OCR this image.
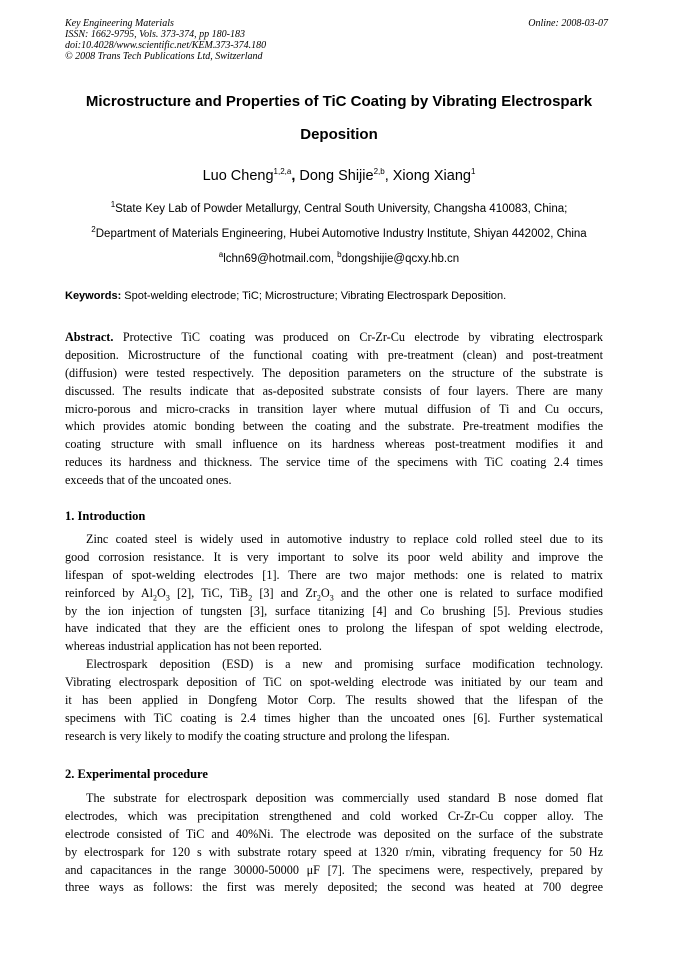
Key Engineering Materials
ISSN: 1662-9795, Vols. 373-374, pp 180-183
doi:10.4028/www.scientific.net/KEM.373-374.180
© 2008 Trans Tech Publications Ltd, Switzerland
Online: 2008-03-07
Microstructure and Properties of TiC Coating by Vibrating Electrospark
Deposition
Luo Cheng$^{1,2,a}$, Dong Shijie$^{2,b}$, Xiong Xiang$^1$
$^1$State Key Lab of Powder Metallurgy, Central South University, Changsha 410083, China;
$^2$Department of Materials Engineering, Hubei Automotive Industry Institute, Shiyan 442002, China
$^a$lchn69@hotmail.com, $^b$dongshijie@qcxy.hb.cn
Keywords: Spot-welding electrode; TiC; Microstructure; Vibrating Electrospark Deposition.
Abstract. Protective TiC coating was produced on Cr-Zr-Cu electrode by vibrating electrospark
deposition. Microstructure of the functional coating with pre-treatment (clean) and post-treatment
(diffusion) were tested respectively. The deposition parameters on the structure of the substrate is
discussed. The results indicate that as-deposited substrate consists of four layers. There are many
micro-porous and micro-cracks in transition layer where mutual diffusion of Ti and Cu occurs,
which provides atomic bonding between the coating and the substrate. Pre-treatment modifies the
coating structure with small influence on its hardness whereas post-treatment modifies it and
reduces its hardness and thickness. The service time of the specimens with TiC coating 2.4 times
exceeds that of the uncoated ones.
1. Introduction
Zinc coated steel is widely used in automotive industry to replace cold rolled steel due to its
good corrosion resistance. It is very important to solve its poor weld ability and improve the
lifespan of spot-welding electrodes [1]. There are two major methods: one is related to matrix
reinforced by $Al_2O_3$ [2], TiC, TiB$_2$ [3] and $Zr_2O_3$ and the other one is related to surface modified
by the ion injection of tungsten [3], surface titanizing [4] and Co brushing [5]. Previous studies
have indicated that they are the efficient ones to prolong the lifespan of spot welding electrode,
whereas industrial application has not been reported.
Electrospark deposition (ESD) is a new and promising surface modification technology.
Vibrating electrospark deposition of TiC on spot-welding electrode was initiated by our team and
it has been applied in Dongfeng Motor Corp. The results showed that the lifespan of the
specimens with TiC coating is 2.4 times higher than the uncoated ones [6]. Further systematical
research is very likely to modify the coating structure and prolong the lifespan.
2. Experimental procedure
The substrate for electrospark deposition was commercially used standard B nose domed flat
electrodes, which was precipitation strengthened and cold worked Cr-Zr-Cu copper alloy. The
electrode consisted of TiC and 40%Ni. The electrode was deposited on the surface of the substrate
by electrospark for 120 s with substrate rotary speed at 1320 r/min, vibrating frequency for 50 Hz
and capacitances in the range 30000-50000 μF [7]. The specimens were, respectively, prepared by
three ways as follows: the first was merely deposited; the second was heated at 700 degree
